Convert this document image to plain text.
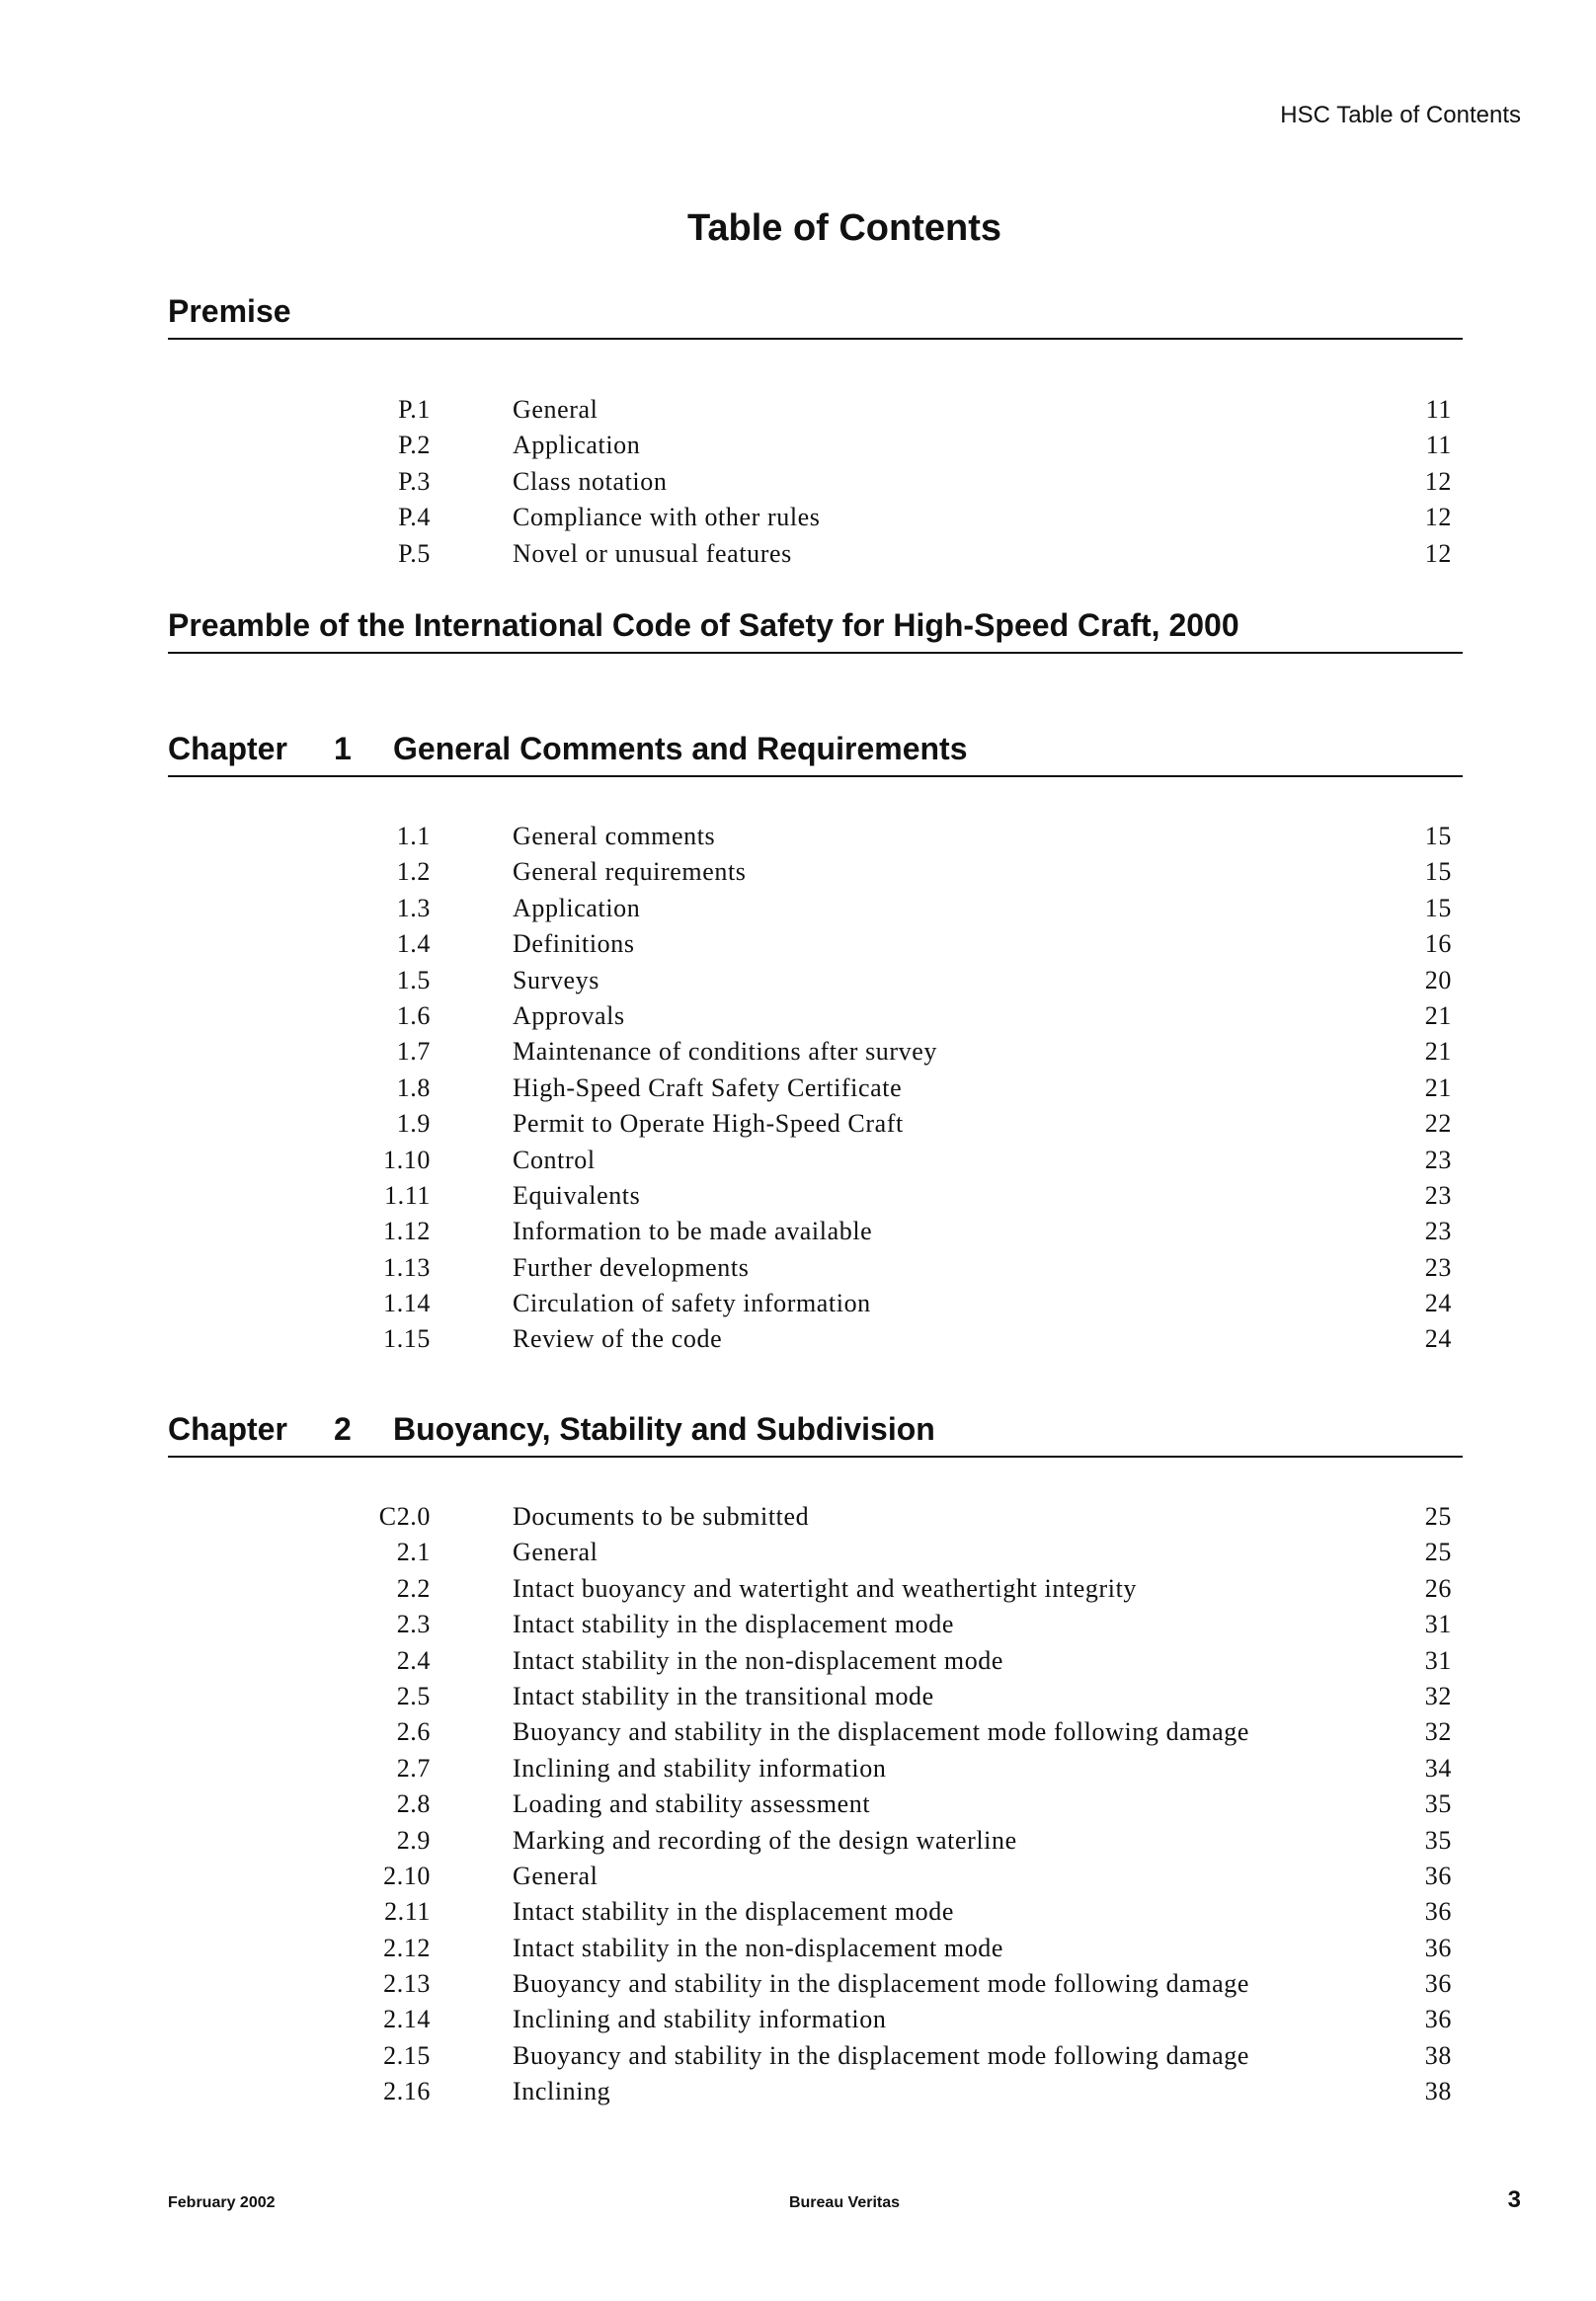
HSC Table of Contents
Table of Contents
Premise
P.1	General	11
P.2	Application	11
P.3	Class notation	12
P.4	Compliance with other rules	12
P.5	Novel or unusual features	12
Preamble of the International Code of Safety for High-Speed Craft, 2000
Chapter 1 General Comments and Requirements
1.1	General comments	15
1.2	General requirements	15
1.3	Application	15
1.4	Definitions	16
1.5	Surveys	20
1.6	Approvals	21
1.7	Maintenance of conditions after survey	21
1.8	High-Speed Craft Safety Certificate	21
1.9	Permit to Operate High-Speed Craft	22
1.10	Control	23
1.11	Equivalents	23
1.12	Information to be made available	23
1.13	Further developments	23
1.14	Circulation of safety information	24
1.15	Review of the code	24
Chapter 2 Buoyancy, Stability and Subdivision
C2.0	Documents to be submitted	25
2.1	General	25
2.2	Intact buoyancy and watertight and weathertight integrity	26
2.3	Intact stability in the displacement mode	31
2.4	Intact stability in the non-displacement mode	31
2.5	Intact stability in the transitional mode	32
2.6	Buoyancy and stability in the displacement mode following damage	32
2.7	Inclining and stability information	34
2.8	Loading and stability assessment	35
2.9	Marking and recording of the design waterline	35
2.10	General	36
2.11	Intact stability in the displacement mode	36
2.12	Intact stability in the non-displacement mode	36
2.13	Buoyancy and stability in the displacement mode following damage	36
2.14	Inclining and stability information	36
2.15	Buoyancy and stability in the displacement mode following damage	38
2.16	Inclining	38
February 2002	Bureau Veritas	3
